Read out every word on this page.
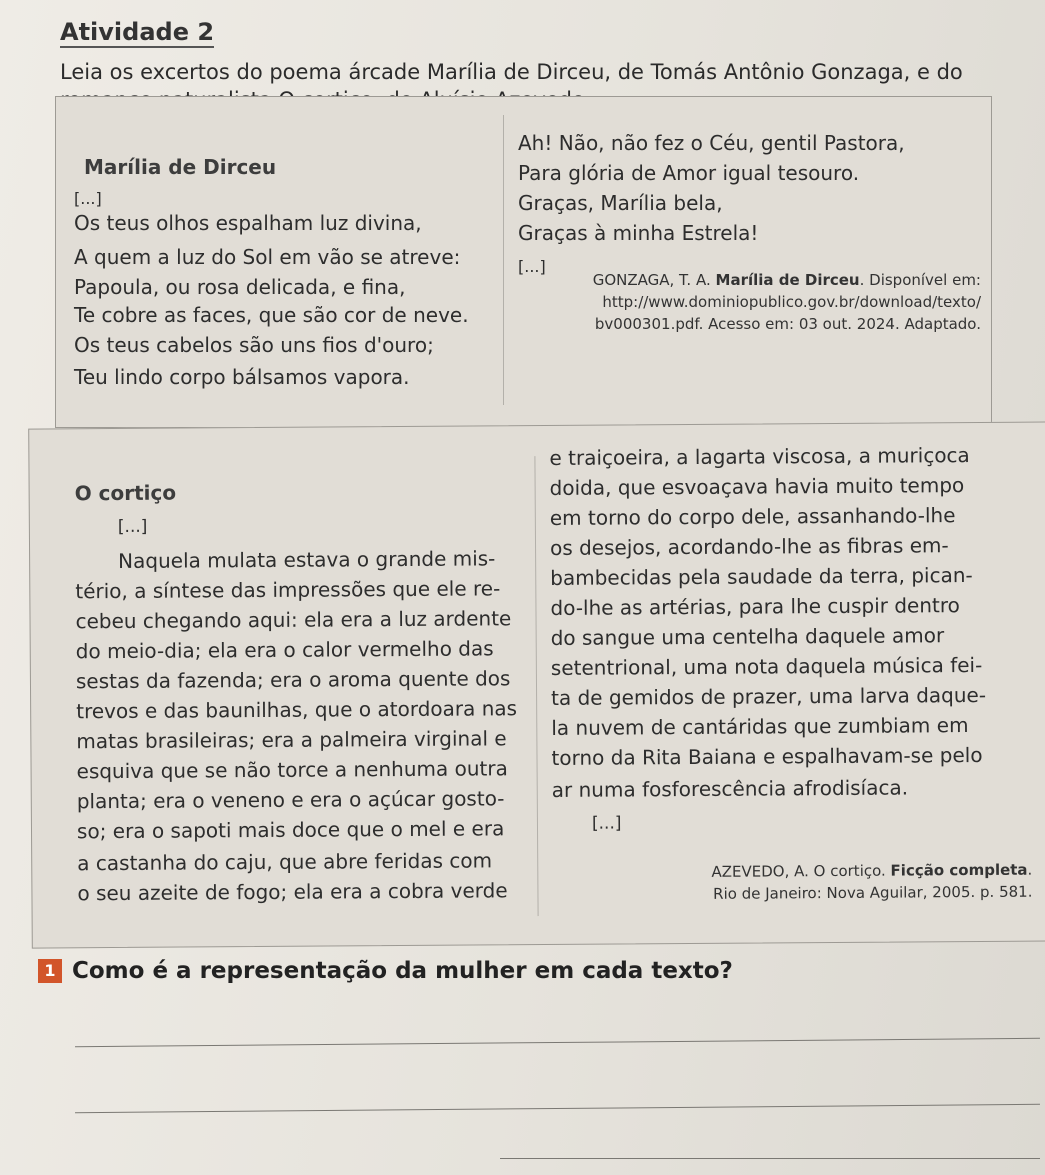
Atividade 2
Leia os excertos do poema árcade Marília de Dirceu, de Tomás Antônio Gonzaga, e do
Marília de Dirceu
[...]
Os teus olhos espalham luz divina,
A quem a luz do Sol em vão se atreve:
Papoula, ou rosa delicada, e fina,
Te cobre as faces, que são cor de neve.
Os teus cabelos são uns fios d'ouro;
Teu lindo corpo bálsamos vapora.
Ah! Não, não fez o Céu, gentil Pastora,
Para glória de Amor igual tesouro.
Graças, Marília bela,
Graças à minha Estrela!
[...]
GONZAGA, T. A. Marília de Dirceu. Disponível em:
http://www.dominiopublico.gov.br/download/texto/
bv000301.pdf. Acesso em: 03 out. 2024. Adaptado.
O cortiço
[...]
Naquela mulata estava o grande mis-
tério, a síntese das impressões que ele re-
cebeu chegando aqui: ela era a luz ardente
do meio-dia; ela era o calor vermelho das
sestas da fazenda; era o aroma quente dos
trevos e das baunilhas, que o atordoara nas
matas brasileiras; era a palmeira virginal e
esquiva que se não torce a nenhuma outra
planta; era o veneno e era o açúcar gosto-
so; era o sapoti mais doce que o mel e era
a castanha do caju, que abre feridas com
o seu azeite de fogo; ela era a cobra verde
e traiçoeira, a lagarta viscosa, a muriçoca
doida, que esvoaçava havia muito tempo
em torno do corpo dele, assanhando-lhe
os desejos, acordando-lhe as fibras em-
bambecidas pela saudade da terra, pican-
do-lhe as artérias, para lhe cuspir dentro
do sangue uma centelha daquele amor
setentrional, uma nota daquela música fei-
ta de gemidos de prazer, uma larva daque-
la nuvem de cantáridas que zumbiam em
torno da Rita Baiana e espalhavam-se pelo
ar numa fosforescência afrodisíaca.
[...]
AZEVEDO, A. O cortiço. Ficção completa.
Rio de Janeiro: Nova Aguilar, 2005. p. 581.
1 Como é a representação da mulher em cada texto?
